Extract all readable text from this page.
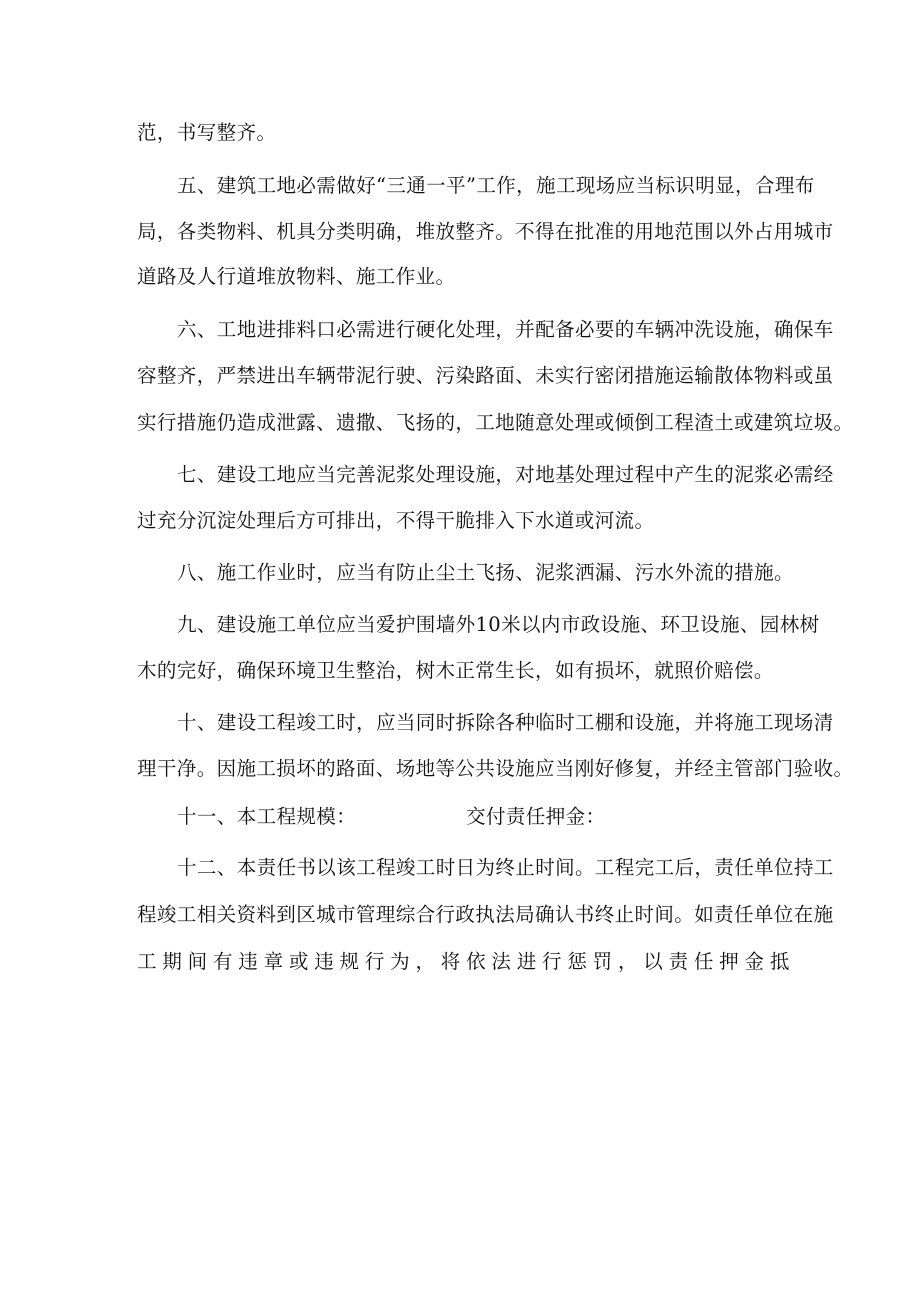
范，书写整齐。
五、建筑工地必需做好“三通一平”工作，施工现场应当标识明显，合理布
局，各类物料、机具分类明确，堆放整齐。不得在批准的用地范围以外占用城市
道路及人行道堆放物料、施工作业。
六、工地进排料口必需进行硬化处理，并配备必要的车辆冲洗设施，确保车
容整齐，严禁进出车辆带泥行驶、污染路面、未实行密闭措施运输散体物料或虽
实行措施仍造成泄露、遗撒、飞扬的，工地随意处理或倾倒工程渣土或建筑垃圾。
七、建设工地应当完善泥浆处理设施，对地基处理过程中产生的泥浆必需经
过充分沉淀处理后方可排出，不得干脆排入下水道或河流。
八、施工作业时，应当有防止尘土飞扬、泥浆洒漏、污水外流的措施。
九、建设施工单位应当爱护围墙外10米以内市政设施、环卫设施、园林树
木的完好，确保环境卫生整治，树木正常生长，如有损坏，就照价赔偿。
十、建设工程竣工时，应当同时拆除各种临时工棚和设施，并将施工现场清
理干净。因施工损坏的路面、场地等公共设施应当刚好修复，并经主管部门验收。
十一、本工程规模：	交付责任押金：
十二、本责任书以该工程竣工时日为终止时间。工程完工后，责任单位持工
程竣工相关资料到区城市管理综合行政执法局确认书终止时间。如责任单位在施
工 期 间 有 违 章 或 违 规 行 为 ， 将 依 法 进 行 惩 罚 ， 以 责 任 押 金 抵
